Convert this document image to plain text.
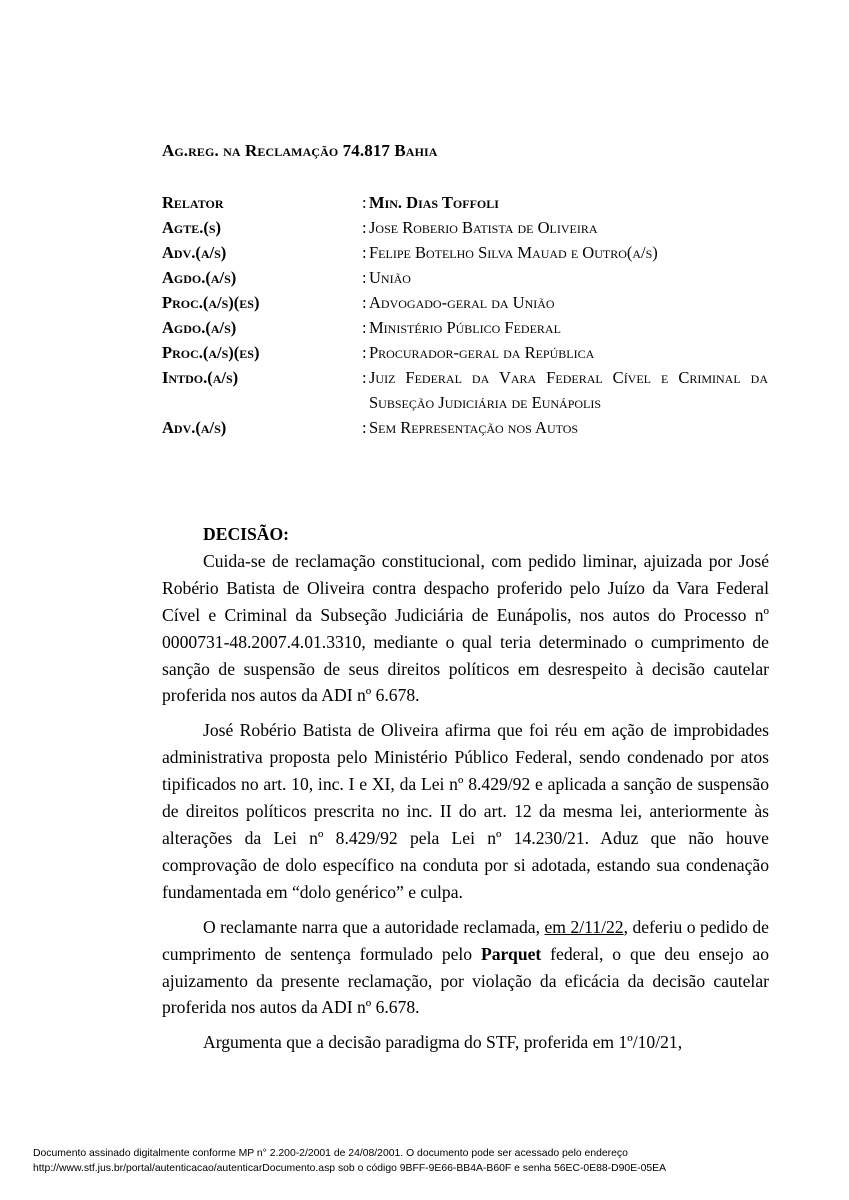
Ag.reg. na Reclamação 74.817 Bahia
Relator	: Min. Dias Toffoli
Agte.(s)	: Jose Roberio Batista de Oliveira
Adv.(a/s)	: Felipe Botelho Silva Mauad e Outro(a/s)
Agdo.(a/s)	: União
Proc.(a/s)(es)	: Advogado-geral da União
Agdo.(a/s)	: Ministério Público Federal
Proc.(a/s)(es)	: Procurador-geral da República
Intdo.(a/s)	: Juiz Federal da Vara Federal Cível e Criminal da Subseção Judiciária de Eunápolis
Adv.(a/s)	: Sem Representação nos Autos
DECISÃO:

Cuida-se de reclamação constitucional, com pedido liminar, ajuizada por José Robério Batista de Oliveira contra despacho proferido pelo Juízo da Vara Federal Cível e Criminal da Subseção Judiciária de Eunápolis, nos autos do Processo nº 0000731-48.2007.4.01.3310, mediante o qual teria determinado o cumprimento de sanção de suspensão de seus direitos políticos em desrespeito à decisão cautelar proferida nos autos da ADI nº 6.678.

José Robério Batista de Oliveira afirma que foi réu em ação de improbidades administrativa proposta pelo Ministério Público Federal, sendo condenado por atos tipificados no art. 10, inc. I e XI, da Lei nº 8.429/92 e aplicada a sanção de suspensão de direitos políticos prescrita no inc. II do art. 12 da mesma lei, anteriormente às alterações da Lei nº 8.429/92 pela Lei nº 14.230/21. Aduz que não houve comprovação de dolo específico na conduta por si adotada, estando sua condenação fundamentada em “dolo genérico” e culpa.

O reclamante narra que a autoridade reclamada, em 2/11/22, deferiu o pedido de cumprimento de sentença formulado pelo Parquet federal, o que deu ensejo ao ajuizamento da presente reclamação, por violação da eficácia da decisão cautelar proferida nos autos da ADI nº 6.678.

Argumenta que a decisão paradigma do STF, proferida em 1º/10/21,

Documento assinado digitalmente conforme MP n° 2.200-2/2001 de 24/08/2001. O documento pode ser acessado pelo endereço
http://www.stf.jus.br/portal/autenticacao/autenticarDocumento.asp sob o código 9BFF-9E66-BB4A-B60F e senha 56EC-0E88-D90E-05EA
